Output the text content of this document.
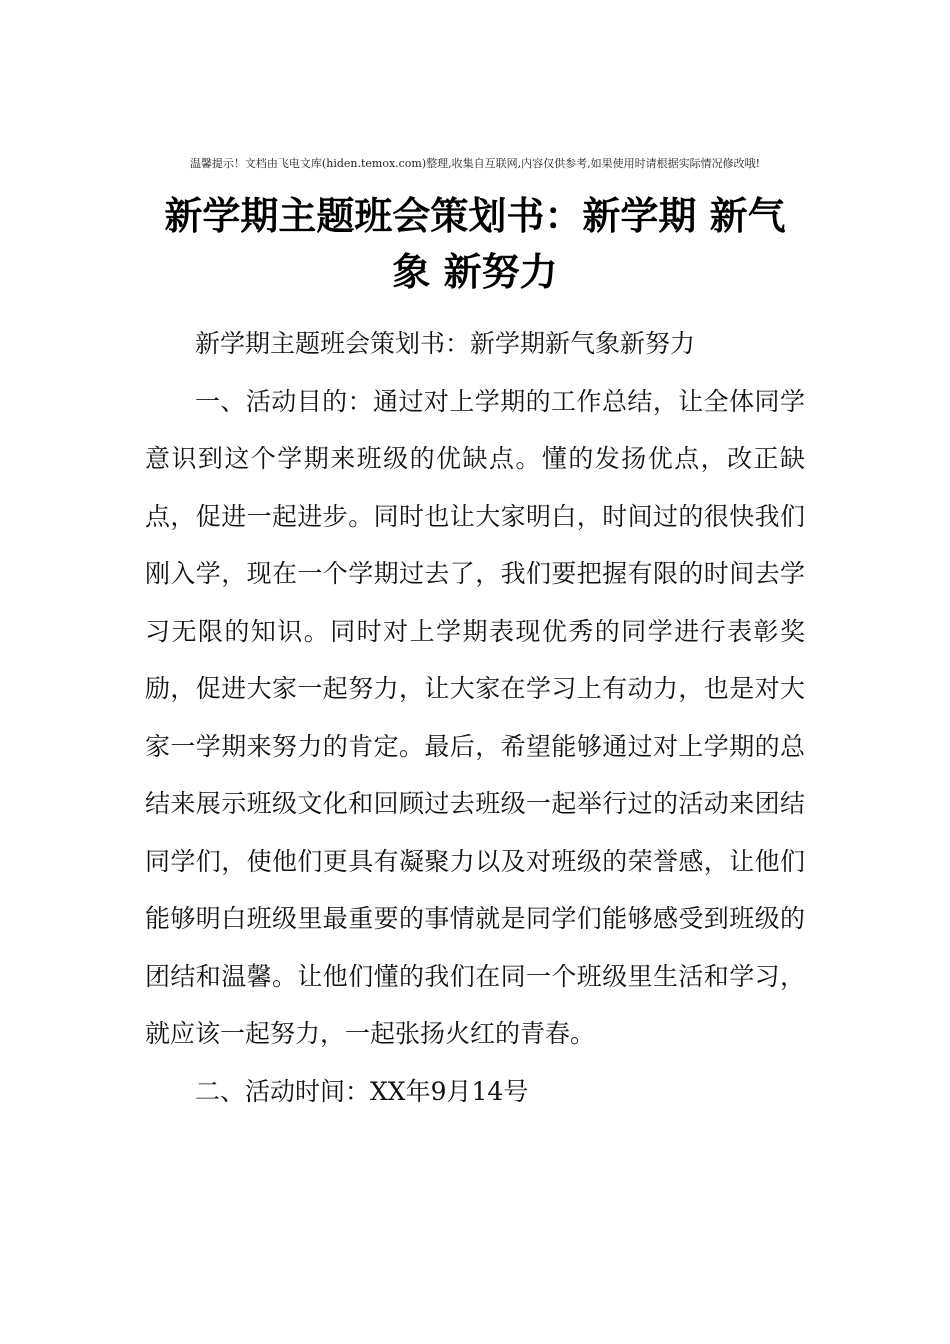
温馨提示！文档由飞电文库(hiden.temox.com)整理,收集自互联网,内容仅供参考,如果使用时请根据实际情况修改哦!
新学期主题班会策划书：新学期 新气
象 新努力

新学期主题班会策划书：新学期新气象新努力

一、活动目的：通过对上学期的工作总结，让全体同学意识到这个学期来班级的优缺点。懂的发扬优点，改正缺点，促进一起进步。同时也让大家明白，时间过的很快我们刚入学，现在一个学期过去了，我们要把握有限的时间去学习无限的知识。同时对上学期表现优秀的同学进行表彰奖励，促进大家一起努力，让大家在学习上有动力，也是对大家一学期来努力的肯定。最后，希望能够通过对上学期的总结来展示班级文化和回顾过去班级一起举行过的活动来团结同学们，使他们更具有凝聚力以及对班级的荣誉感，让他们能够明白班级里最重要的事情就是同学们能够感受到班级的团结和温馨。让他们懂的我们在同一个班级里生活和学习，就应该一起努力，一起张扬火红的青春。

二、活动时间：XX年9月14号
